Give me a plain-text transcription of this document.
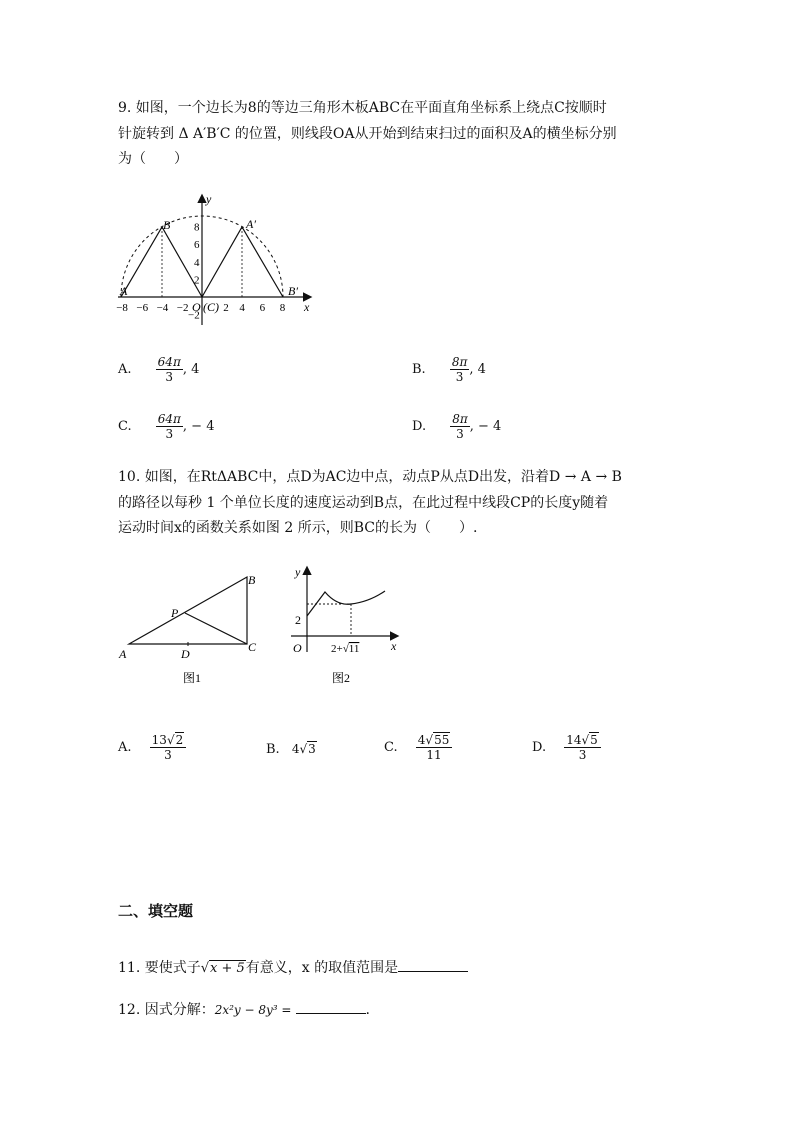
9. 如图，一个边长为8的等边三角形木板ABC在平面直角坐标系上绕点C按顺时
针旋转到 Δ A′B′C 的位置，则线段OA从开始到结束扫过的面积及A的横坐标分别
为（　　）
y
x
O (C)
A
B	A′
B′
−8 −6 −4 −2	2 4 6 8
8
6
4
2
−2
A. $\frac{64\pi}{3}$ , 4	B. $\frac{8\pi}{3}$ , 4
C. $\frac{64\pi}{3}$ , − 4	D. $\frac{8\pi}{3}$ , − 4
10. 如图，在RtΔABC中，点D为AC边中点，动点P从点D出发，沿着D → A → B
的路径以每秒 1 个单位长度的速度运动到B点，在此过程中线段CP的长度y随着
运动时间x的函数关系如图 2 所示，则BC的长为（　　）.
A
B
C
D
P
图1
y
x
O
2
2+√11
图2
A. $\frac{13√2}{3}$	B. 4√3	C. $\frac{4√55}{11}$	D. $\frac{14√5}{3}$
二、填空题
11. 要使式子√x + 5有意义，x 的取值范围是
12. 因式分解：2x²y − 8y³ =	.
